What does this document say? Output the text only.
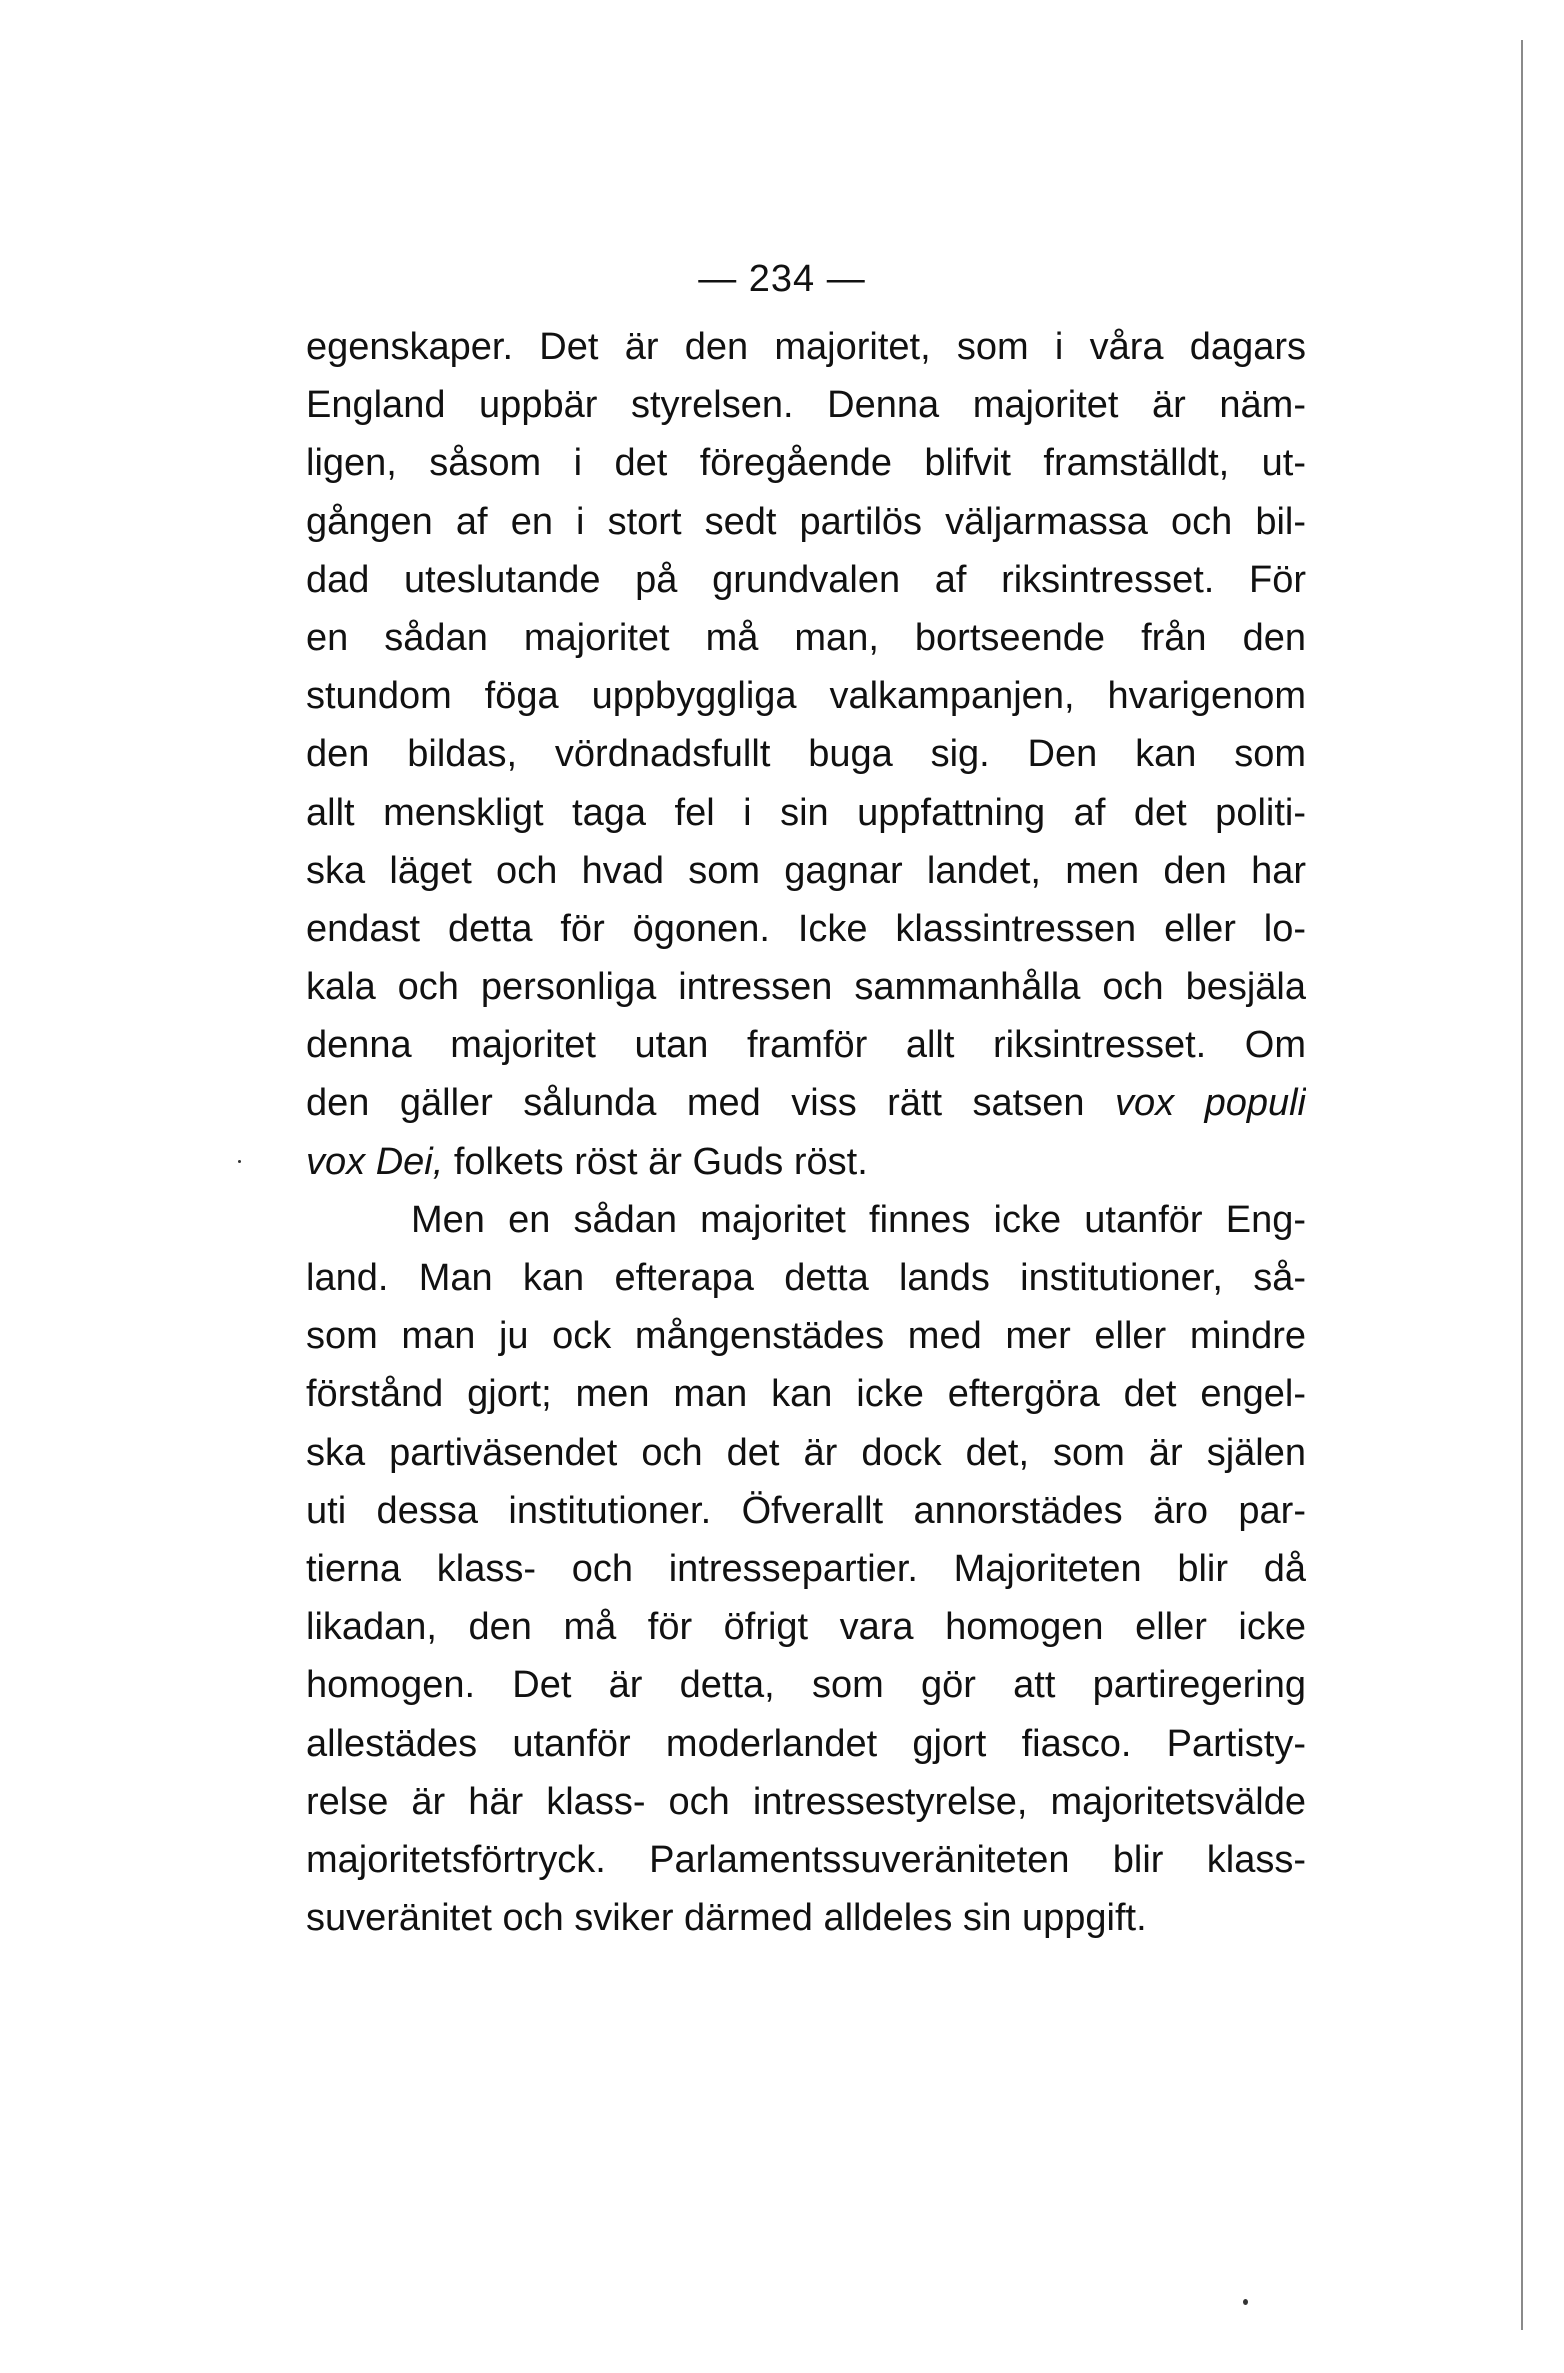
— 234 —
egenskaper. Det är den majoritet, som i våra dagars
England uppbär styrelsen. Denna majoritet är näm-
ligen, såsom i det föregående blifvit framställdt, ut-
gången af en i stort sedt partilös väljarmassa och bil-
dad uteslutande på grundvalen af riksintresset. För
en sådan majoritet må man, bortseende från den
stundom föga uppbyggliga valkampanjen, hvarigenom
den bildas, vördnadsfullt buga sig. Den kan som
allt menskligt taga fel i sin uppfattning af det politi-
ska läget och hvad som gagnar landet, men den har
endast detta för ögonen. Icke klassintressen eller lo-
kala och personliga intressen sammanhålla och besjäla
denna majoritet utan framför allt riksintresset. Om
den gäller sålunda med viss rätt satsen vox populi
vox Dei, folkets röst är Guds röst.
Men en sådan majoritet finnes icke utanför Eng-
land. Man kan efterapa detta lands institutioner, så-
som man ju ock mångenstädes med mer eller mindre
förstånd gjort; men man kan icke eftergöra det engel-
ska partiväsendet och det är dock det, som är själen
uti dessa institutioner. Öfverallt annorstädes äro par-
tierna klass- och intressepartier. Majoriteten blir då
likadan, den må för öfrigt vara homogen eller icke
homogen. Det är detta, som gör att partiregering
allestädes utanför moderlandet gjort fiasco. Partisty-
relse är här klass- och intressestyrelse, majoritetsvälde
majoritetsförtryck. Parlamentssuveräniteten blir klass-
suveränitet och sviker därmed alldeles sin uppgift.
